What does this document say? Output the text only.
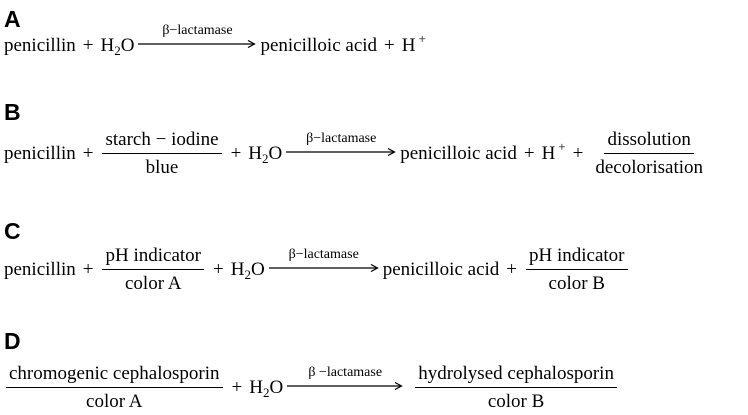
A
penicillin + $H_2O$
β−lactamase
penicilloic acid + H +
B
penicillin + $\frac{\text{starch − iodine}}{\text{blue}} + H_2O$
β−lactamase
penicilloic acid + H $^+ + \frac{\text{dissolution}}{\text{decolorisation}}$
C
penicillin + $\frac{\text{pH indicator}}{\text{color A}} + H_2O$
β−lactamase
penicilloic acid + $\frac{\text{pH indicator}}{\text{color B}}$
D
$\frac{\text{chromogenic cephalosporin}}{\text{color A}} + H_2O$
β −lactamase	$\frac{\text{hydrolysed cephalosporin}}{\text{color B}}$
